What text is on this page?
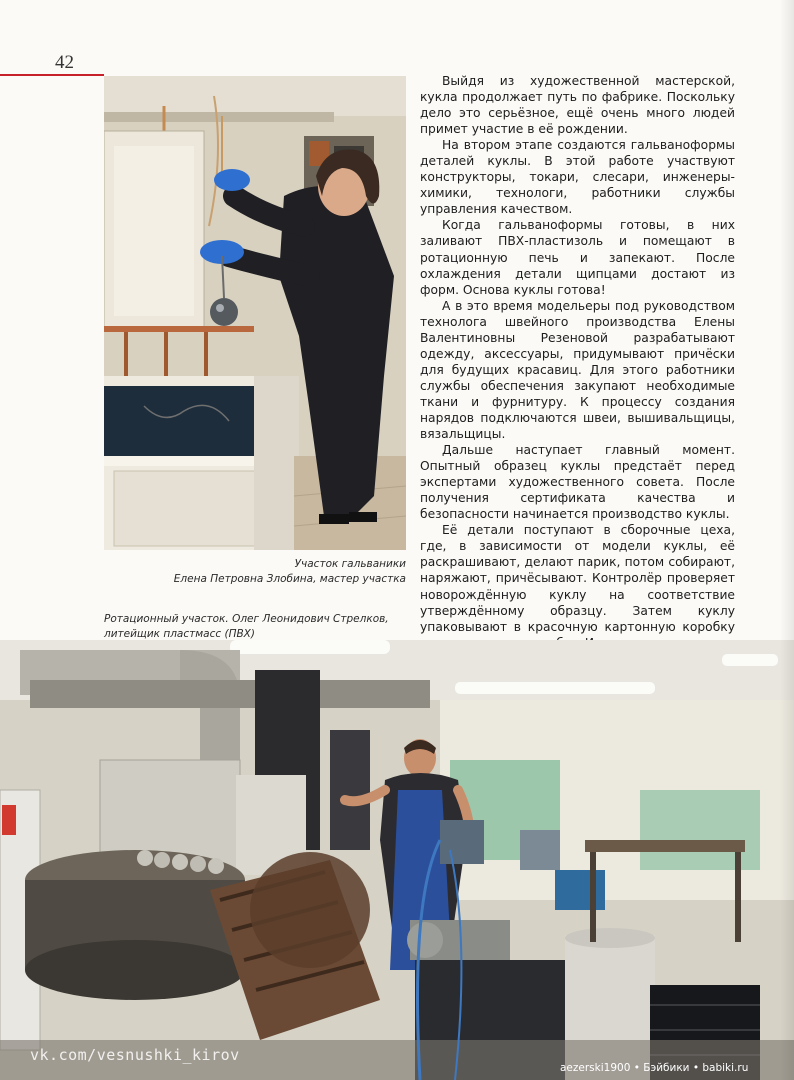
42
Участок гальваники
Елена Петровна Злобина, мастер участка

Выйдя из художественной мастерской, кукла продолжает путь по фабрике. Поскольку дело это серьёзное, ещё очень много людей примет участие в её рождении.

На втором этапе создаются гальваноформы деталей куклы. В этой работе участвуют конструкторы, токари, слесари, инженеры-химики, технологи, работники службы управления качеством.

Когда гальваноформы готовы, в них заливают ПВХ-пластизоль и помещают в ротационную печь и запекают. После охлаждения детали щипцами достают из форм. Основа куклы готова!

А в это время модельеры под руководством технолога швейного производства Елены Валентиновны Резеновой разрабатывают одежду, аксессуары, придумывают причёски для будущих красавиц. Для этого работники службы обеспечения закупают необходимые ткани и фурнитуру. К процессу создания нарядов подключаются швеи, вышивальщицы, вязальщицы.

Дальше наступает главный момент. Опытный образец куклы предстаёт перед экспертами художественного совета. После получения сертификата качества и безопасности начинается производство куклы.

Её детали поступают в сборочные цеха, где, в зависимости от модели куклы, её раскрашивают, делают парик, потом собирают, наряжают, причёсывают. Контролёр проверяет новорождённую куклу на соответствие утверждённому образцу. Затем куклу упаковывают в красочную картонную коробку

Ротационный участок. Олег Леонидович Стрелков,
литейщик пластмасс (ПВХ)
vk.com/vesnushki_kirov
aezerski1900 • Бэйбики • babiki.ru
